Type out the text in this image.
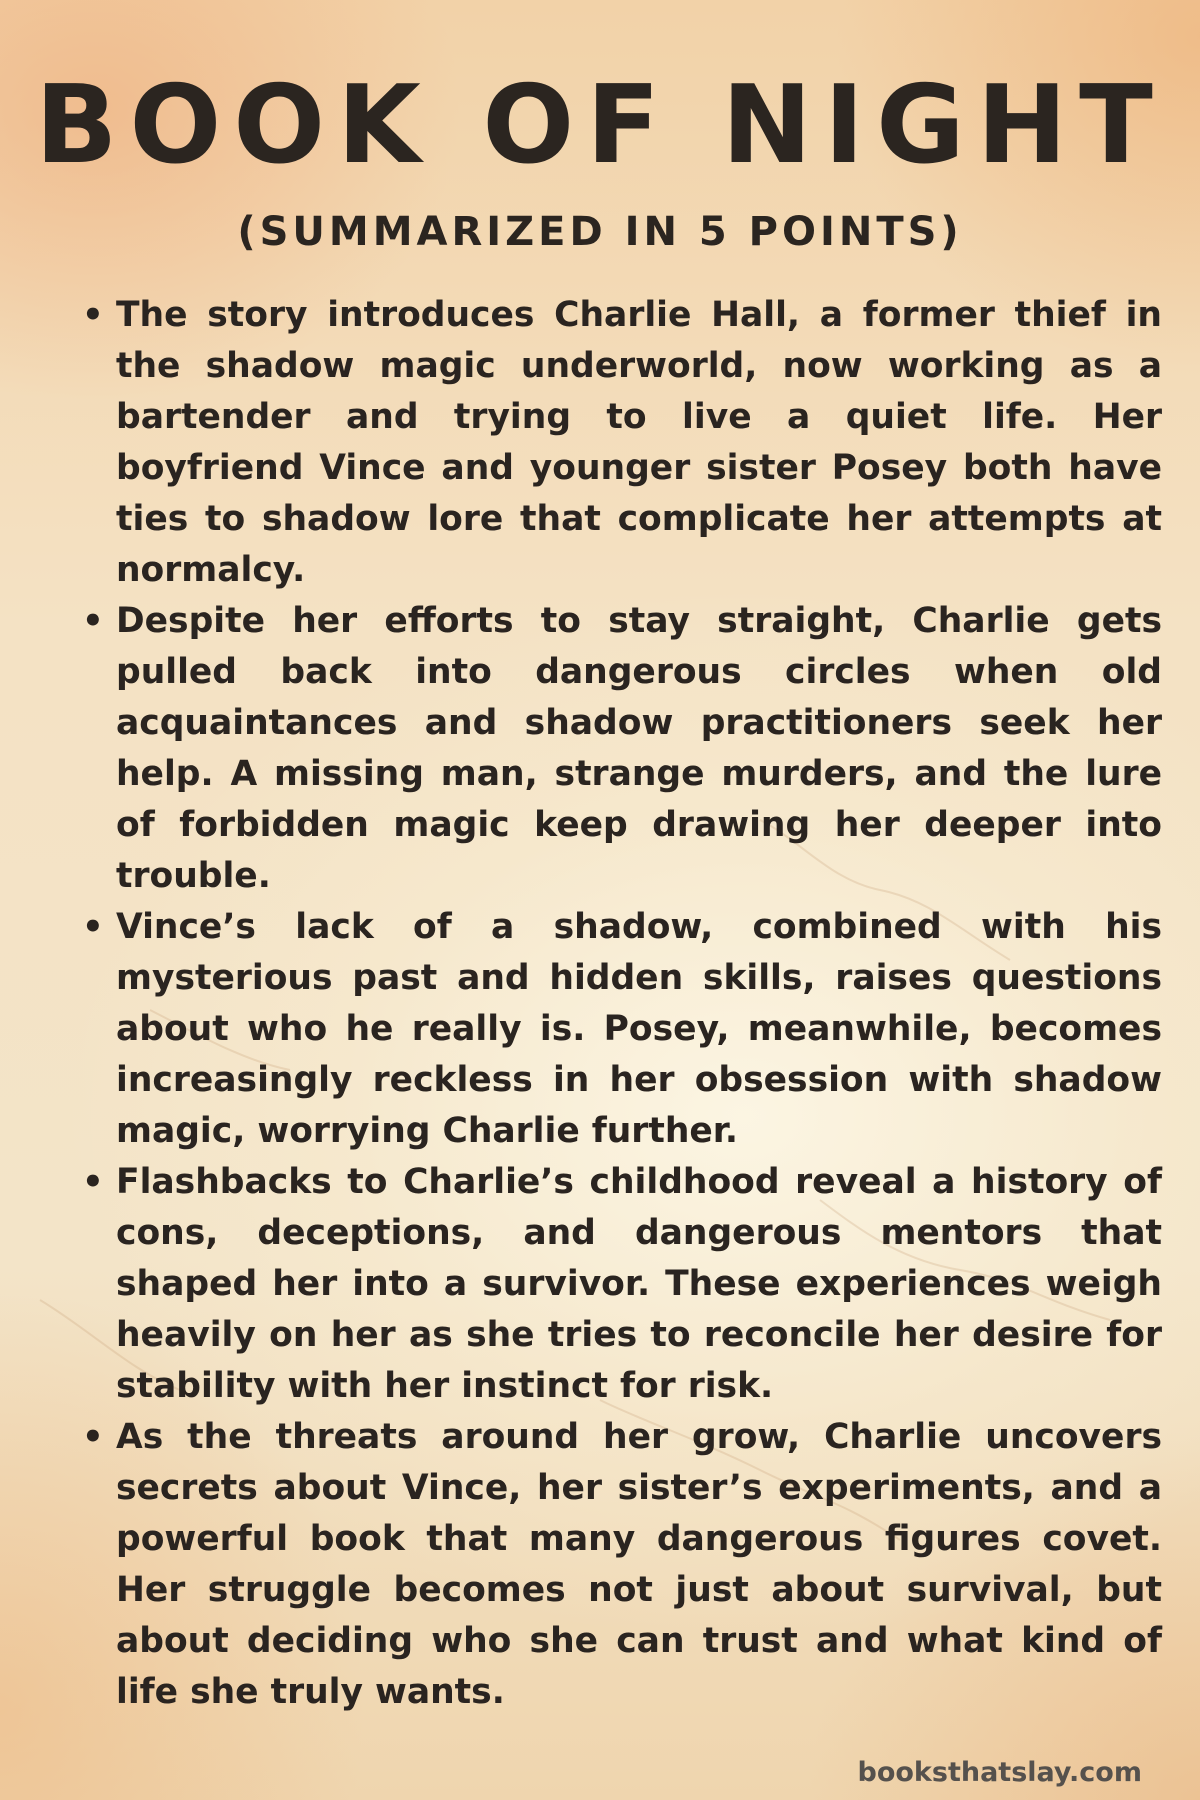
BOOK OF NIGHT
(SUMMARIZED IN 5 POINTS)
• The story introduces Charlie Hall, a former thief in the shadow magic underworld, now working as a bartender and trying to live a quiet life. Her boyfriend Vince and younger sister Posey both have ties to shadow lore that complicate her attempts at normalcy.
• Despite her efforts to stay straight, Charlie gets pulled back into dangerous circles when old acquaintances and shadow practitioners seek her help. A missing man, strange murders, and the lure of forbidden magic keep drawing her deeper into trouble.
• Vince’s lack of a shadow, combined with his mysterious past and hidden skills, raises questions about who he really is. Posey, meanwhile, becomes increasingly reckless in her obsession with shadow magic, worrying Charlie further.
• Flashbacks to Charlie’s childhood reveal a history of cons, deceptions, and dangerous mentors that shaped her into a survivor. These experiences weigh heavily on her as she tries to reconcile her desire for stability with her instinct for risk.
• As the threats around her grow, Charlie uncovers secrets about Vince, her sister’s experiments, and a powerful book that many dangerous figures covet. Her struggle becomes not just about survival, but about deciding who she can trust and what kind of life she truly wants.
booksthatslay.com
